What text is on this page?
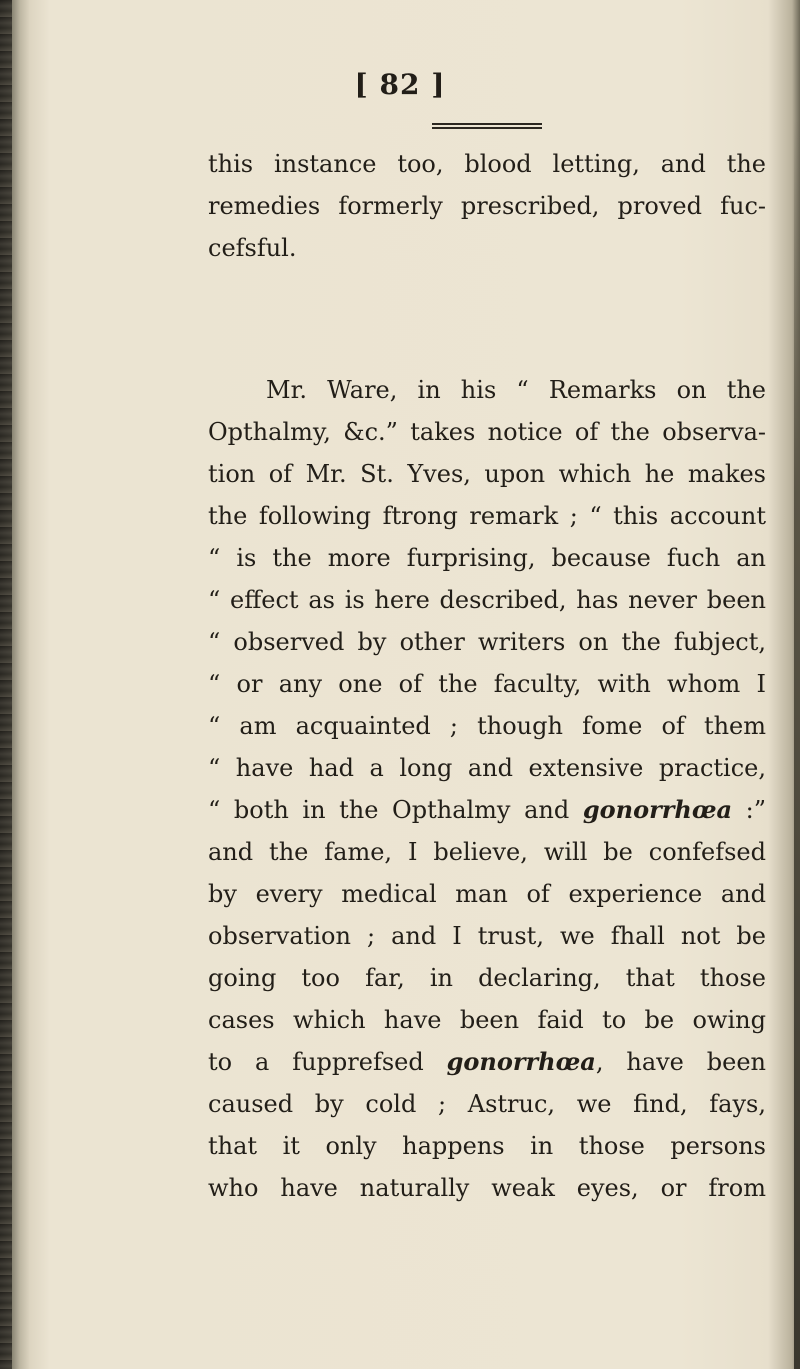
[ 82 ]
this instance too, blood letting, and the
remedies formerly prescribed, proved fuc-
cefsful.
Mr. Ware, in his “ Remarks on the
Opthalmy, &c.” takes notice of the observa-
tion of Mr. St. Yves, upon which he makes
the following ftrong remark ; “ this account
“ is the more furprising, because fuch an
“ effect as is here described, has never been
“ observed by other writers on the fubject,
“ or any one of the faculty, with whom I
“ am acquainted ; though fome of them
“ have had a long and extensive practice,
“ both in the Opthalmy and gonorrhœa :”
and the fame, I believe, will be confefsed
by every medical man of experience and
observation ; and I trust, we fhall not be
going too far, in declaring, that those
cases which have been faid to be owing
to a fupprefsed gonorrhœa, have been
caused by cold ; Astruc, we find, fays,
that it only happens in those persons
who have naturally weak eyes, or from
